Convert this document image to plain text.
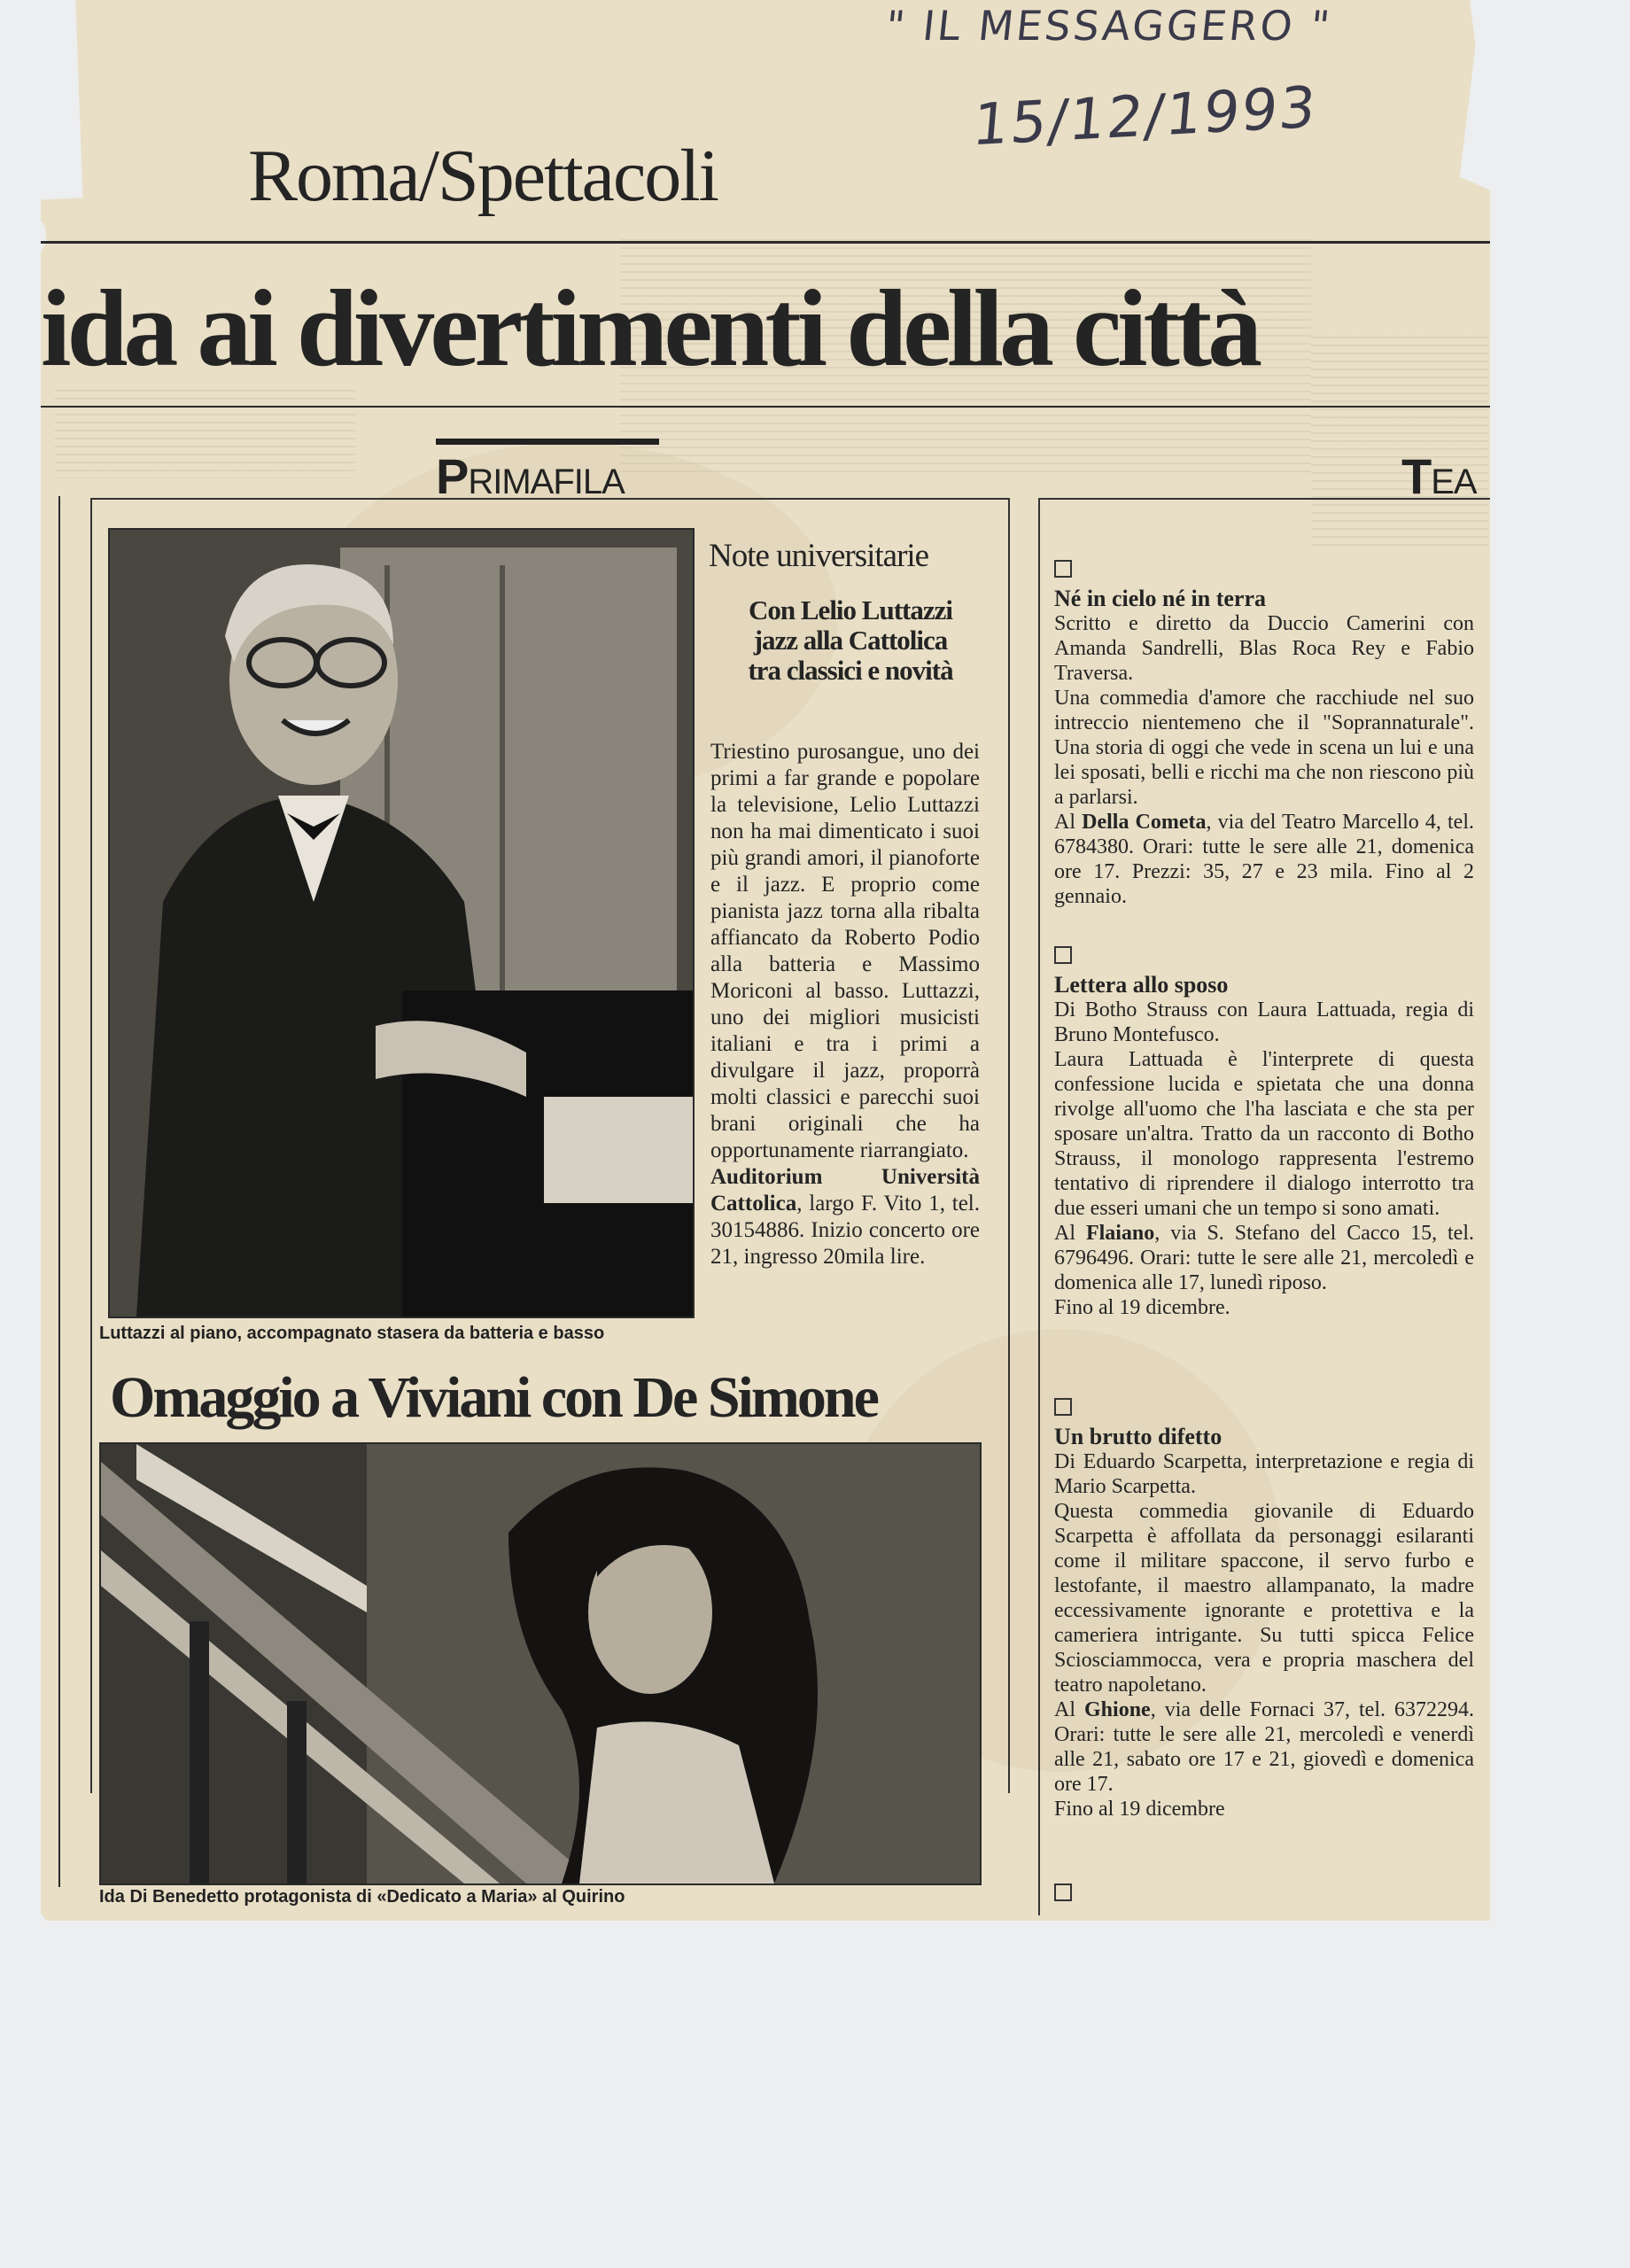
" IL MESSAGGERO "
15/12/1993
Roma/Spettacoli
ida ai divertimenti della città
PRIMAFILA	TEA
Luttazzi al piano, accompagnato stasera da batteria e basso
Note universitarie
Con Lelio Luttazzi
jazz alla Cattolica
tra classici e novità

Triestino purosangue, uno dei primi a far grande e popolare la televisione, Lelio Luttazzi non ha mai dimenticato i suoi più grandi amori, il pianoforte e il jazz. E proprio come pianista jazz torna alla ribalta affiancato da Roberto Podio alla batteria e Massimo Moriconi al basso. Luttazzi, uno dei migliori musicisti italiani e tra i primi a divulgare il jazz, proporrà molti classici e parecchi suoi brani originali che ha opportunamente riarrangiato.

Auditorium Università Cattolica, largo F. Vito 1, tel. 30154886. Inizio concerto ore 21, ingresso 20mila lire.

Omaggio a Viviani con De Simone
Ida Di Benedetto protagonista di «Dedicato a Maria» al Quirino
Né in cielo né in terra

Scritto e diretto da Duccio Camerini con Amanda Sandrelli, Blas Roca Rey e Fabio Traversa.

Una commedia d'amore che racchiude nel suo intreccio nientemeno che il "Soprannaturale". Una storia di oggi che vede in scena un lui e una lei sposati, belli e ricchi ma che non riescono più a parlarsi.

Al Della Cometa, via del Teatro Marcello 4, tel. 6784380. Orari: tutte le sere alle 21, domenica ore 17. Prezzi: 35, 27 e 23 mila. Fino al 2 gennaio.

Lettera allo sposo

Di Botho Strauss con Laura Lattuada, regia di Bruno Montefusco.

Laura Lattuada è l'interprete di questa confessione lucida e spietata che una donna rivolge all'uomo che l'ha lasciata e che sta per sposare un'altra. Tratto da un racconto di Botho Strauss, il monologo rappresenta l'estremo tentativo di riprendere il dialogo interrotto tra due esseri umani che un tempo si sono amati.

Al Flaiano, via S. Stefano del Cacco 15, tel. 6796496. Orari: tutte le sere alle 21, mercoledì e domenica alle 17, lunedì riposo.

Fino al 19 dicembre.

Un brutto difetto

Di Eduardo Scarpetta, interpretazione e regia di Mario Scarpetta.

Questa commedia giovanile di Eduardo Scarpetta è affollata da personaggi esilaranti come il militare spaccone, il servo furbo e lestofante, il maestro allampanato, la madre eccessivamente ignorante e protettiva e la cameriera intrigante. Su tutti spicca Felice Sciosciammocca, vera e propria maschera del teatro napoletano.

Al Ghione, via delle Fornaci 37, tel. 6372294. Orari: tutte le sere alle 21, mercoledì e venerdì alle 21, sabato ore 17 e 21, giovedì e domenica ore 17.

Fino al 19 dicembre
